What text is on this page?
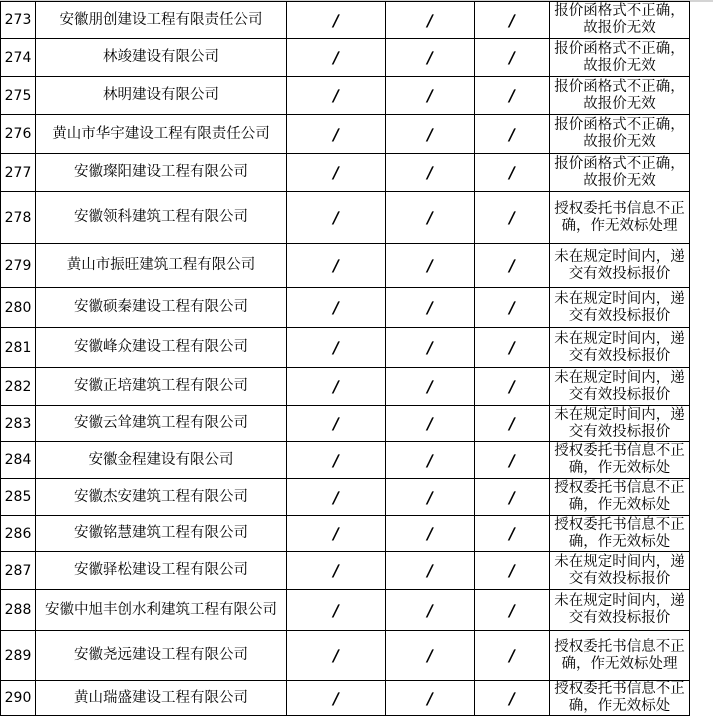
273	安徽朋创建设工程有限责任公司	/	/	/	报价函格式不正确，故报价无效
274	林竣建设有限公司	/	/	/	报价函格式不正确，故报价无效
275	林明建设有限公司	/	/	/	报价函格式不正确，故报价无效
276	黄山市华宇建设工程有限责任公司	/	/	/	报价函格式不正确，故报价无效
277	安徽璨阳建设工程有限公司	/	/	/	报价函格式不正确，故报价无效
278	安徽领科建筑工程有限公司	/	/	/	授权委托书信息不正确，作无效标处理
279	黄山市振旺建筑工程有限公司	/	/	/	未在规定时间内，递交有效投标报价
280	安徽硕秦建设工程有限公司	/	/	/	未在规定时间内，递交有效投标报价
281	安徽峰众建设工程有限公司	/	/	/	未在规定时间内，递交有效投标报价
282	安徽正培建筑工程有限公司	/	/	/	未在规定时间内，递交有效投标报价
283	安徽云耸建筑工程有限公司	/	/	/	未在规定时间内，递交有效投标报价
284	安徽金程建设有限公司	/	/	/	授权委托书信息不正确，作无效标处
285	安徽杰安建筑工程有限公司	/	/	/	授权委托书信息不正确，作无效标处
286	安徽铭慧建筑工程有限公司	/	/	/	授权委托书信息不正确，作无效标处
287	安徽驿松建设工程有限公司	/	/	/	未在规定时间内，递交有效投标报价
288	安徽中旭丰创水利建筑工程有限公司	/	/	/	未在规定时间内，递交有效投标报价
289	安徽尧远建设工程有限公司	/	/	/	授权委托书信息不正确，作无效标处理
290	黄山瑞盛建设工程有限公司	/	/	/	授权委托书信息不正确，作无效标处
